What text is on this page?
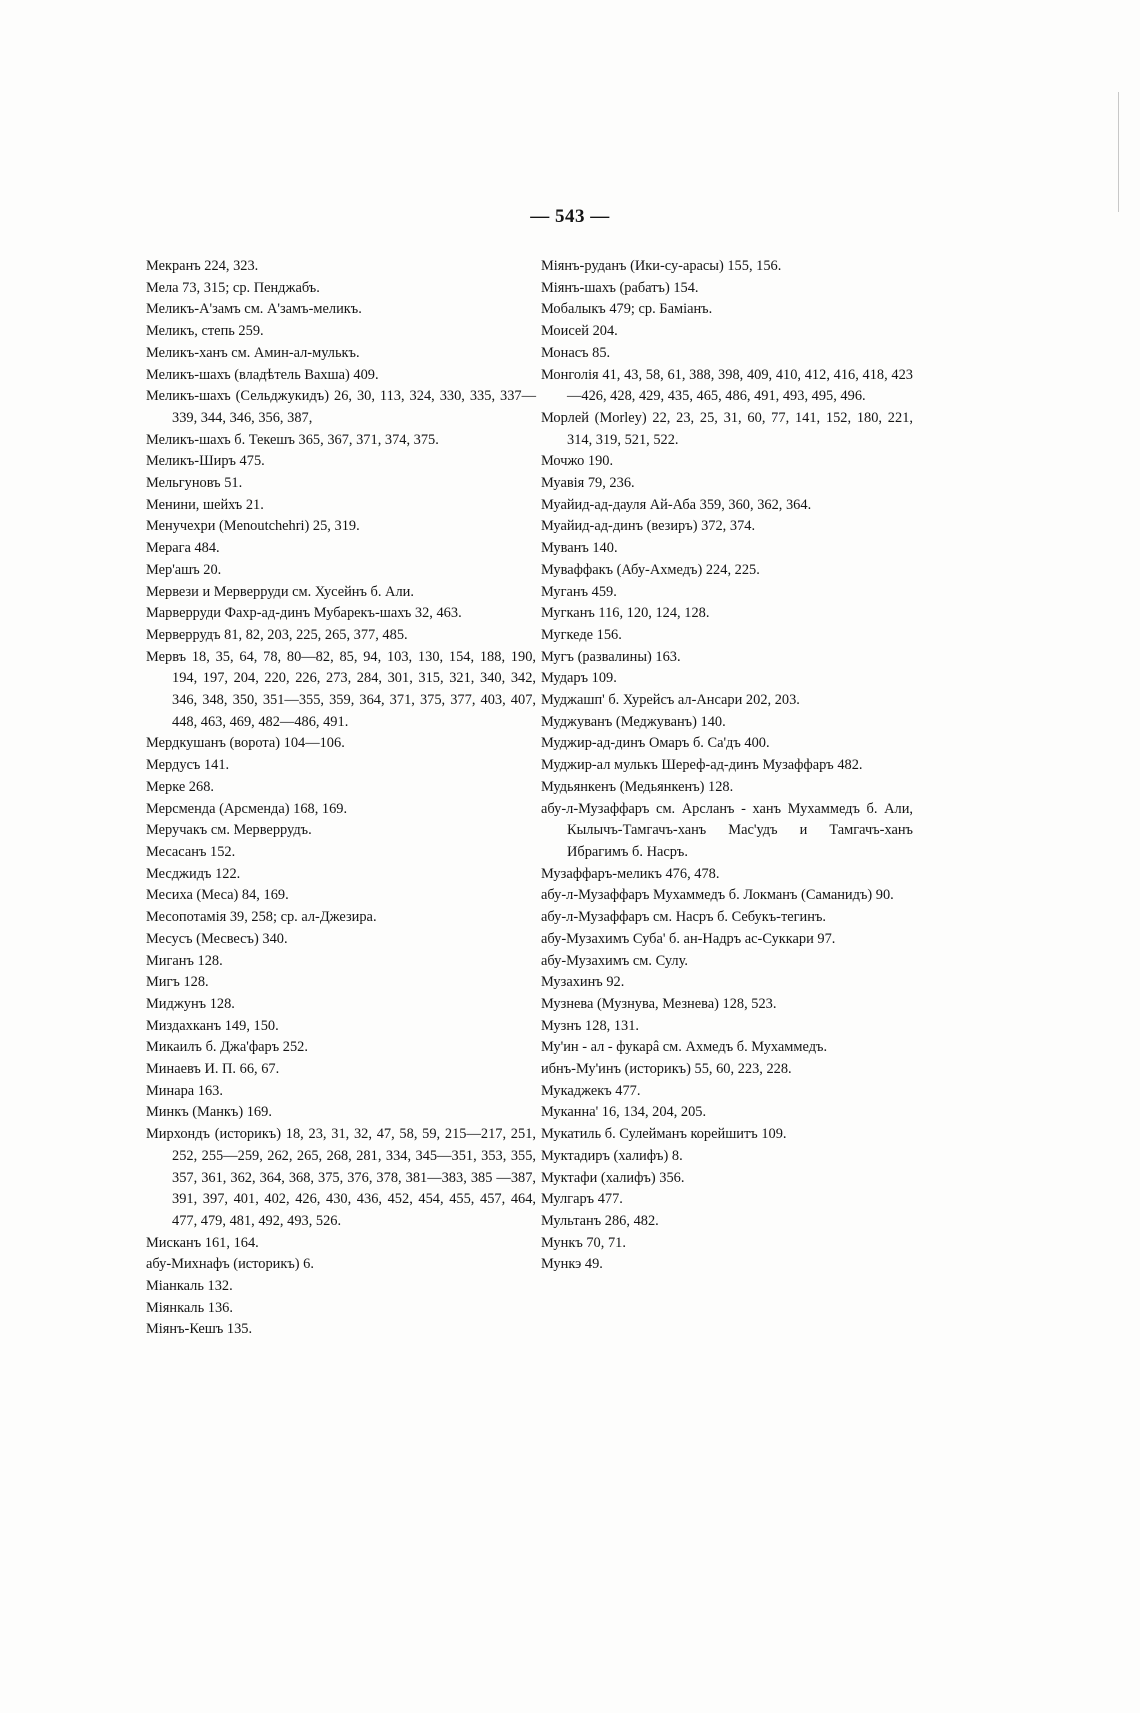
— 543 —
Мекранъ 224, 323.
Мела 73, 315; ср. Пенджабъ.
Меликъ-А'замъ см. А'замъ-меликъ.
Меликъ, степь 259.
Меликъ-ханъ см. Амин-ал-мулькъ.
Меликъ-шахъ (владѣтель Вахша) 409.
Меликъ-шахъ (Сельджукидъ) 26, 30, 113, 324, 330, 335, 337—339, 344, 346, 356, 387,
Меликъ-шахъ б. Текешъ 365, 367, 371, 374, 375.
Меликъ-Ширъ 475.
Мельгуновъ 51.
Менини, шейхъ 21.
Менучехри (Menoutchehri) 25, 319.
Мерага 484.
Мер'ашъ 20.
Мервези и Мерверруди см. Хусейнъ б. Али.
Марверруди Фахр-ад-динъ Мубарекъ-шахъ 32, 463.
Мерверрудъ 81, 82, 203, 225, 265, 377, 485.
Мервъ 18, 35, 64, 78, 80—82, 85, 94, 103, 130, 154, 188, 190, 194, 197, 204, 220, 226, 273, 284, 301, 315, 321, 340, 342, 346, 348, 350, 351—355, 359, 364, 371, 375, 377, 403, 407, 448, 463, 469, 482—486, 491.
Мердкушанъ (ворота) 104—106.
Мердусъ 141.
Мерке 268.
Мерсменда (Арсменда) 168, 169.
Меручакъ см. Мерверрудъ.
Месасанъ 152.
Месджидъ 122.
Месиха (Меса) 84, 169.
Месопотамія 39, 258; ср. ал-Джезира.
Месусъ (Месвесъ) 340.
Миганъ 128.
Мигъ 128.
Миджунъ 128.
Миздахканъ 149, 150.
Микаилъ б. Джа'фаръ 252.
Минаевъ И. П. 66, 67.
Минара 163.
Минкъ (Манкъ) 169.
Мирхондъ (историкъ) 18, 23, 31, 32, 47, 58, 59, 215—217, 251, 252, 255—259, 262, 265, 268, 281, 334, 345—351, 353, 355, 357, 361, 362, 364, 368, 375, 376, 378, 381—383, 385 —387, 391, 397, 401, 402, 426, 430, 436, 452, 454, 455, 457, 464, 477, 479, 481, 492, 493, 526.
Мисканъ 161, 164.
абу-Михнафъ (историкъ) 6.
Міанкаль 132.
Міянкаль 136.
Міянъ-Кешъ 135.
Міянъ-руданъ (Ики-су-арасы) 155, 156.
Міянъ-шахъ (рабатъ) 154.
Мобалыкъ 479; ср. Баміанъ.
Моисей 204.
Монасъ 85.
Монголія 41, 43, 58, 61, 388, 398, 409, 410, 412, 416, 418, 423—426, 428, 429, 435, 465, 486, 491, 493, 495, 496.
Морлей (Morley) 22, 23, 25, 31, 60, 77, 141, 152, 180, 221, 314, 319, 521, 522.
Мочжо 190.
Муавія 79, 236.
Муайид-ад-дауля Ай-Аба 359, 360, 362, 364.
Муайид-ад-динъ (везиръ) 372, 374.
Муванъ 140.
Муваффакъ (Абу-Ахмедъ) 224, 225.
Муганъ 459.
Мугканъ 116, 120, 124, 128.
Мугкеде 156.
Мугъ (развалины) 163.
Мударъ 109.
Муджашп' б. Хурейсъ ал-Ансари 202, 203.
Муджуванъ (Меджуванъ) 140.
Муджир-ад-динъ Омаръ б. Са'дъ 400.
Муджир-ал мулькъ Шереф-ад-динъ Музаффаръ 482.
Мудьянкенъ (Медьянкенъ) 128.
абу-л-Музаффаръ см. Арсланъ - ханъ Мухаммедъ б. Али, Кылычъ-Тамгачъ-ханъ Мас'удъ и Тамгачъ-ханъ Ибрагимъ б. Насръ.
Музаффаръ-меликъ 476, 478.
абу-л-Музаффаръ Мухаммедъ б. Локманъ (Саманидъ) 90.
абу-л-Музаффаръ см. Насръ б. Себукъ-тегинъ.
абу-Музахимъ Суба' б. ан-Надръ ас-Суккари 97.
абу-Музахимъ см. Сулу.
Музахинъ 92.
Музнева (Музнува, Мезнева) 128, 523.
Музнъ 128, 131.
Му'ин - ал - фукарâ см. Ахмедъ б. Мухаммедъ.
ибнъ-Му'инъ (историкъ) 55, 60, 223, 228.
Мукаджекъ 477.
Муканна' 16, 134, 204, 205.
Мукатиль б. Сулейманъ корейшитъ 109.
Муктадиръ (халифъ) 8.
Муктафи (халифъ) 356.
Мулгаръ 477.
Мультанъ 286, 482.
Мункъ 70, 71.
Мункэ 49.
